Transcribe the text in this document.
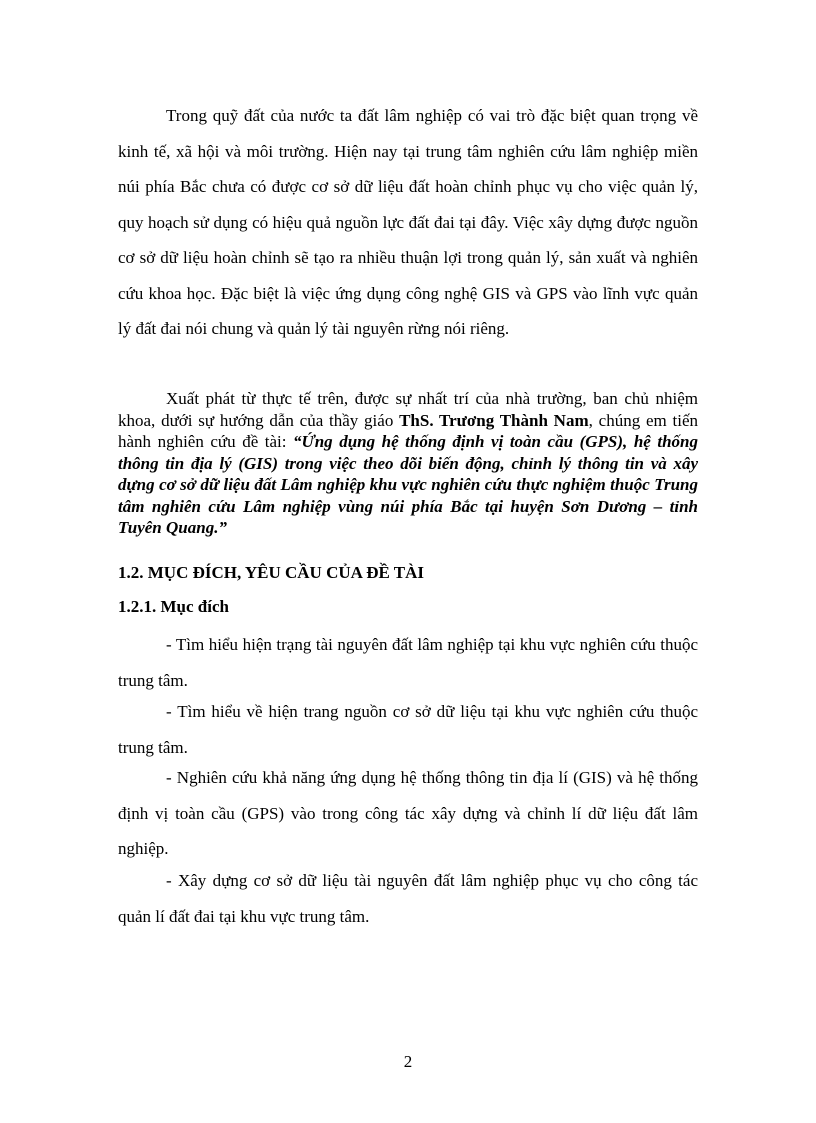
Trong quỹ đất của nước ta đất lâm nghiệp có vai trò đặc biệt quan trọng về kinh tế, xã hội và môi trường. Hiện nay tại trung tâm nghiên cứu lâm nghiệp miền núi phía Bắc chưa có được cơ sở dữ liệu đất hoàn chỉnh phục vụ cho việc quản lý, quy hoạch sử dụng có hiệu quả nguồn lực đất đai tại đây. Việc xây dựng được nguồn cơ sở dữ liệu hoàn chỉnh sẽ tạo ra nhiều thuận lợi trong quản lý, sản xuất và nghiên cứu khoa học. Đặc biệt là việc ứng dụng công nghệ GIS và GPS vào lĩnh vực quản lý đất đai nói chung và quản lý tài nguyên rừng nói riêng.

Xuất phát từ thực tế trên, được sự nhất trí của nhà trường, ban chủ nhiệm khoa, dưới sự hướng dẫn của thầy giáo ThS. Trương Thành Nam, chúng em tiến hành nghiên cứu đề tài: “Ứng dụng hệ thống định vị toàn cầu (GPS), hệ thống thông tin địa lý (GIS) trong việc theo dõi biến động, chỉnh lý thông tin và xây dựng cơ sở dữ liệu đất Lâm nghiệp khu vực nghiên cứu thực nghiệm thuộc Trung tâm nghiên cứu Lâm nghiệp vùng núi phía Bắc tại huyện Sơn Dương – tỉnh Tuyên Quang.”

1.2. MỤC ĐÍCH, YÊU CẦU CỦA ĐỀ TÀI

1.2.1. Mục đích

- Tìm hiểu hiện trạng tài nguyên đất lâm nghiệp tại khu vực nghiên cứu thuộc trung tâm.

- Tìm hiểu về hiện trang nguồn cơ sở dữ liệu tại khu vực nghiên cứu thuộc trung tâm.

- Nghiên cứu khả năng ứng dụng hệ thống thông tin địa lí (GIS) và hệ thống định vị toàn cầu (GPS) vào trong công tác xây dựng và chỉnh lí dữ liệu đất lâm nghiệp.

- Xây dựng cơ sở dữ liệu tài nguyên đất lâm nghiệp phục vụ cho công tác quản lí đất đai tại khu vực trung tâm.

2
